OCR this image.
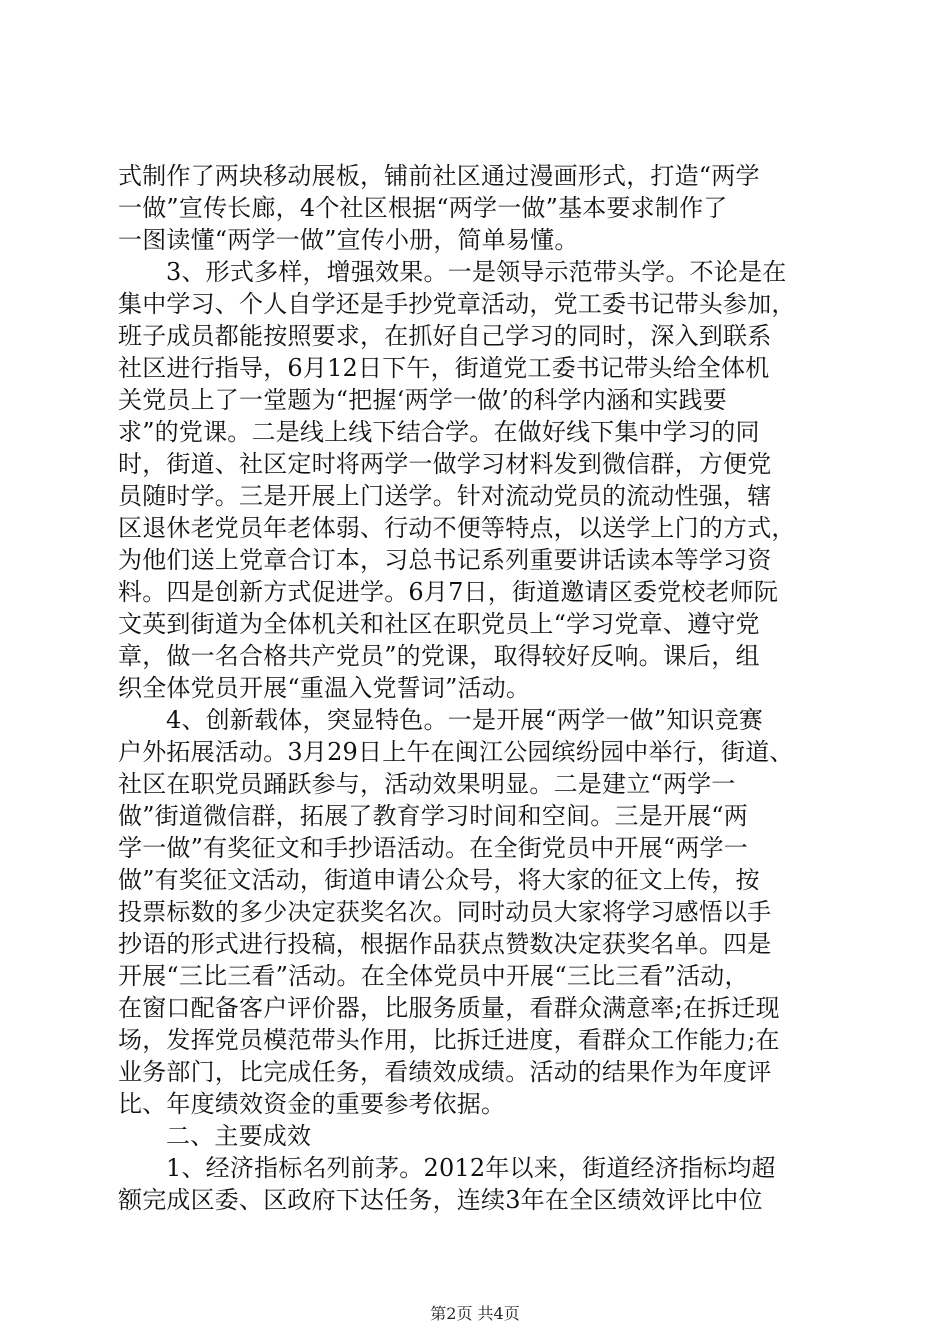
式制作了两块移动展板，铺前社区通过漫画形式，打造“两学
一做”宣传长廊，4个社区根据“两学一做”基本要求制作了
一图读懂“两学一做”宣传小册，简单易懂。
3、形式多样，增强效果。一是领导示范带头学。不论是在
集中学习、个人自学还是手抄党章活动，党工委书记带头参加，
班子成员都能按照要求，在抓好自己学习的同时，深入到联系
社区进行指导，6月12日下午，街道党工委书记带头给全体机
关党员上了一堂题为“把握‘两学一做’的科学内涵和实践要
求”的党课。二是线上线下结合学。在做好线下集中学习的同
时，街道、社区定时将两学一做学习材料发到微信群，方便党
员随时学。三是开展上门送学。针对流动党员的流动性强，辖
区退休老党员年老体弱、行动不便等特点，以送学上门的方式，
为他们送上党章合订本，习总书记系列重要讲话读本等学习资
料。四是创新方式促进学。6月7日，街道邀请区委党校老师阮
文英到街道为全体机关和社区在职党员上“学习党章、遵守党
章，做一名合格共产党员”的党课，取得较好反响。课后，组
织全体党员开展“重温入党誓词”活动。
4、创新载体，突显特色。一是开展“两学一做”知识竞赛
户外拓展活动。3月29日上午在闽江公园缤纷园中举行，街道、
社区在职党员踊跃参与，活动效果明显。二是建立“两学一
做”街道微信群，拓展了教育学习时间和空间。三是开展“两
学一做”有奖征文和手抄语活动。在全街党员中开展“两学一
做”有奖征文活动，街道申请公众号，将大家的征文上传，按
投票标数的多少决定获奖名次。同时动员大家将学习感悟以手
抄语的形式进行投稿，根据作品获点赞数决定获奖名单。四是
开展“三比三看”活动。在全体党员中开展“三比三看”活动，
在窗口配备客户评价器，比服务质量，看群众满意率;在拆迁现
场，发挥党员模范带头作用，比拆迁进度，看群众工作能力;在
业务部门，比完成任务，看绩效成绩。活动的结果作为年度评
比、年度绩效资金的重要参考依据。
二、主要成效
1、经济指标名列前茅。2012年以来，街道经济指标均超
额完成区委、区政府下达任务，连续3年在全区绩效评比中位
第2页 共4页
